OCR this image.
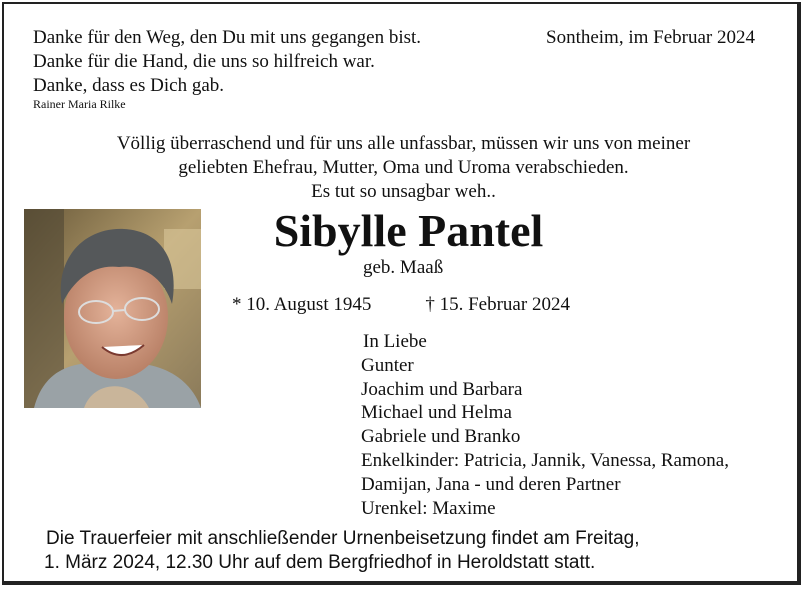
Danke für den Weg, den Du mit uns gegangen bist.
Danke für die Hand, die uns so hilfreich war.
Danke, dass es Dich gab.
Rainer Maria Rilke
Sontheim, im Februar 2024
Völlig überraschend und für uns alle unfassbar, müssen wir uns von meiner
geliebten Ehefrau, Mutter, Oma und Uroma verabschieden.
Es tut so unsagbar weh..
Sibylle Pantel
geb. Maaß
* 10. August 1945	† 15. Februar 2024
In Liebe
Gunter
Joachim und Barbara
Michael und Helma
Gabriele und Branko
Enkelkinder: Patricia, Jannik, Vanessa, Ramona,
Damijan, Jana - und deren Partner
Urenkel: Maxime
Die Trauerfeier mit anschließender Urnenbeisetzung findet am Freitag,
1. März 2024, 12.30 Uhr auf dem Bergfriedhof in Heroldstatt statt.
